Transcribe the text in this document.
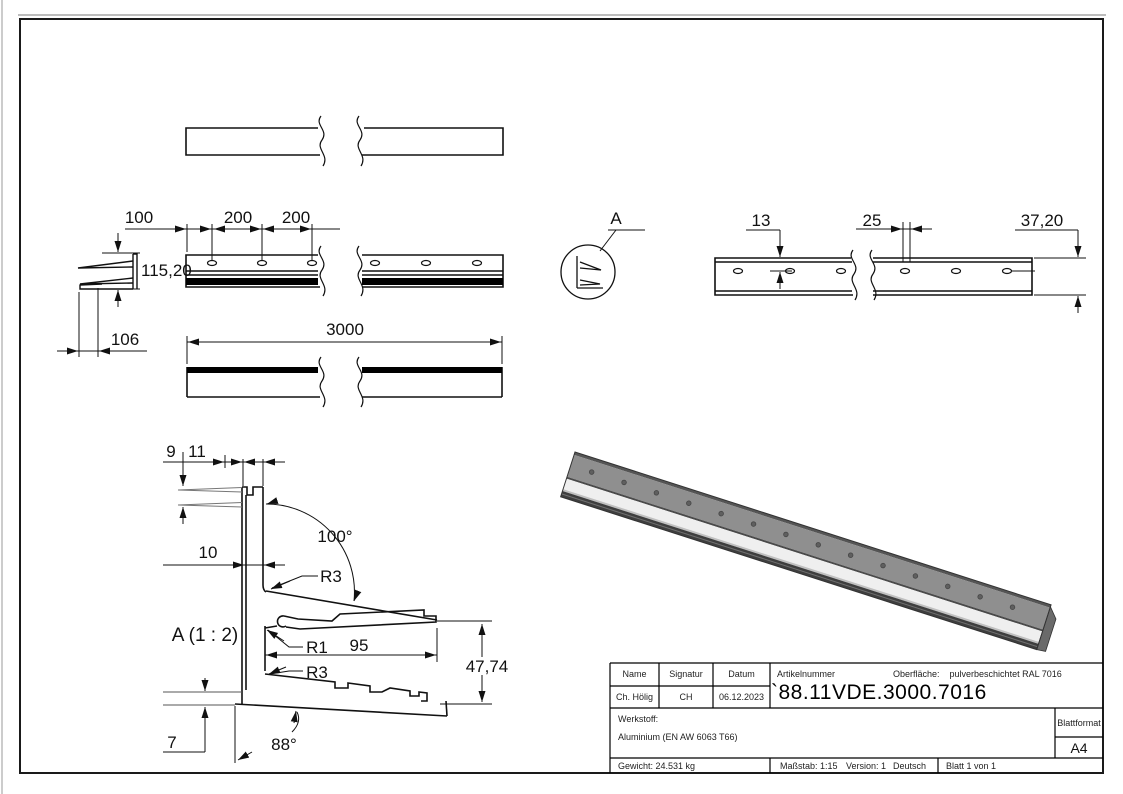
100	200 200
3000
115,20
106
A	13	25	37,20
9 11
10
100°
R3
A (1 : 2)
R1 95
R3	47,74
7	88°
Name	Signatur	Datum
Ch. Hölig	CH	06.12.2023
Artikelnummer	Oberfläche: pulverbeschichtet RAL 7016
`88.11VDE.3000.7016
Werkstoff:
Aluminium (EN AW 6063 T66)
Blattformat
A4
Gewicht: 24.531 kg	Maßstab: 1:15 Version: 1 Deutsch Blatt 1 von 1
